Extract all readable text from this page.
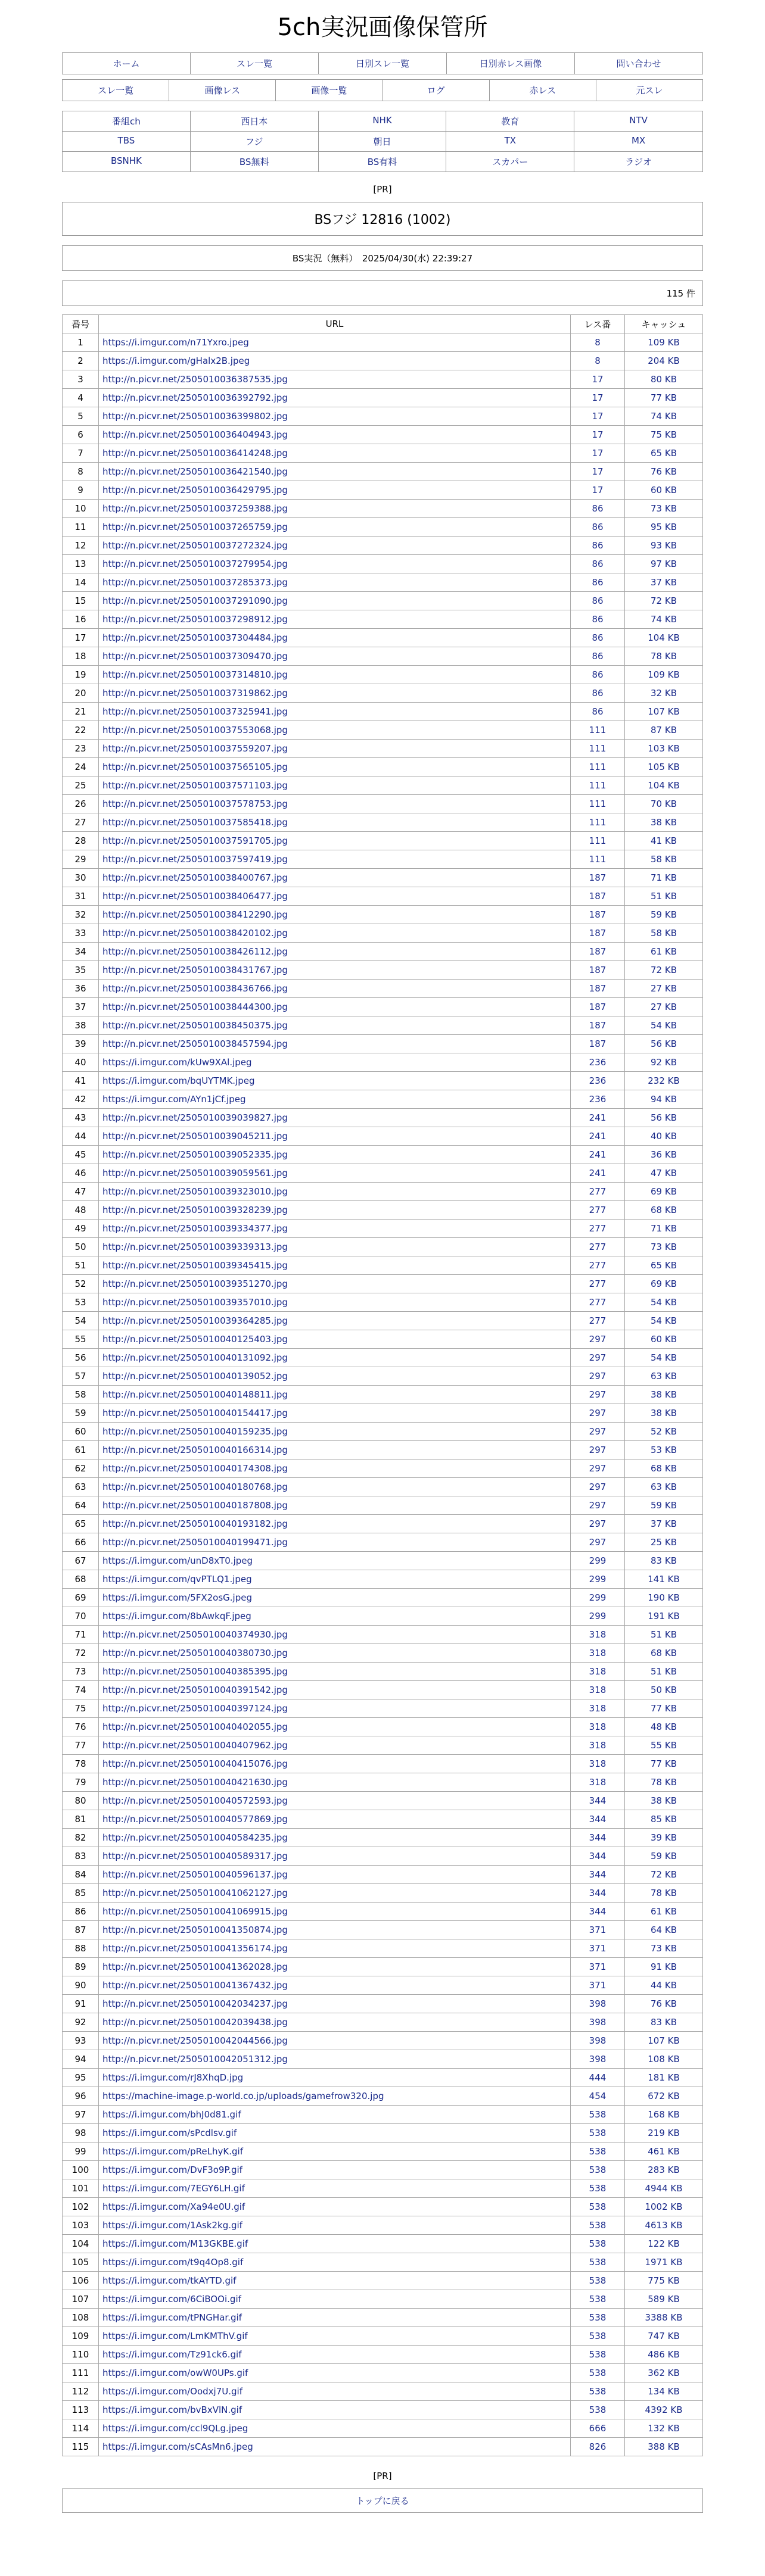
5ch実況画像保管所
ホーム	スレ一覧	日別スレ一覧	日別赤レス画像	問い合わせ
スレ一覧	画像レス	画像一覧	ログ	赤レス	元スレ
番組ch	西日本	NHK	教育	NTV
TBS	フジ	朝日	TX	MX
BSNHK	BS無料	BS有料	スカパー	ラジオ
[PR]
BSフジ 12816 (1002)
BS実況（無料）　2025/04/30(水) 22:39:27
115 件
番号	URL	レス番	キャッシュ
1	https://i.imgur.com/n71Yxro.jpeg	8	109 KB
2	https://i.imgur.com/gHalx2B.jpeg	8	204 KB
3	http://n.picvr.net/2505010036387535.jpg	17	80 KB
4	http://n.picvr.net/2505010036392792.jpg	17	77 KB
5	http://n.picvr.net/2505010036399802.jpg	17	74 KB
6	http://n.picvr.net/2505010036404943.jpg	17	75 KB
7	http://n.picvr.net/2505010036414248.jpg	17	65 KB
8	http://n.picvr.net/2505010036421540.jpg	17	76 KB
9	http://n.picvr.net/2505010036429795.jpg	17	60 KB
10	http://n.picvr.net/2505010037259388.jpg	86	73 KB
11	http://n.picvr.net/2505010037265759.jpg	86	95 KB
12	http://n.picvr.net/2505010037272324.jpg	86	93 KB
13	http://n.picvr.net/2505010037279954.jpg	86	97 KB
14	http://n.picvr.net/2505010037285373.jpg	86	37 KB
15	http://n.picvr.net/2505010037291090.jpg	86	72 KB
16	http://n.picvr.net/2505010037298912.jpg	86	74 KB
17	http://n.picvr.net/2505010037304484.jpg	86	104 KB
18	http://n.picvr.net/2505010037309470.jpg	86	78 KB
19	http://n.picvr.net/2505010037314810.jpg	86	109 KB
20	http://n.picvr.net/2505010037319862.jpg	86	32 KB
21	http://n.picvr.net/2505010037325941.jpg	86	107 KB
22	http://n.picvr.net/2505010037553068.jpg	111	87 KB
23	http://n.picvr.net/2505010037559207.jpg	111	103 KB
24	http://n.picvr.net/2505010037565105.jpg	111	105 KB
25	http://n.picvr.net/2505010037571103.jpg	111	104 KB
26	http://n.picvr.net/2505010037578753.jpg	111	70 KB
27	http://n.picvr.net/2505010037585418.jpg	111	38 KB
28	http://n.picvr.net/2505010037591705.jpg	111	41 KB
29	http://n.picvr.net/2505010037597419.jpg	111	58 KB
30	http://n.picvr.net/2505010038400767.jpg	187	71 KB
31	http://n.picvr.net/2505010038406477.jpg	187	51 KB
32	http://n.picvr.net/2505010038412290.jpg	187	59 KB
33	http://n.picvr.net/2505010038420102.jpg	187	58 KB
34	http://n.picvr.net/2505010038426112.jpg	187	61 KB
35	http://n.picvr.net/2505010038431767.jpg	187	72 KB
36	http://n.picvr.net/2505010038436766.jpg	187	27 KB
37	http://n.picvr.net/2505010038444300.jpg	187	27 KB
38	http://n.picvr.net/2505010038450375.jpg	187	54 KB
39	http://n.picvr.net/2505010038457594.jpg	187	56 KB
40	https://i.imgur.com/kUw9XAl.jpeg	236	92 KB
41	https://i.imgur.com/bqUYTMK.jpeg	236	232 KB
42	https://i.imgur.com/AYn1jCf.jpeg	236	94 KB
43	http://n.picvr.net/2505010039039827.jpg	241	56 KB
44	http://n.picvr.net/2505010039045211.jpg	241	40 KB
45	http://n.picvr.net/2505010039052335.jpg	241	36 KB
46	http://n.picvr.net/2505010039059561.jpg	241	47 KB
47	http://n.picvr.net/2505010039323010.jpg	277	69 KB
48	http://n.picvr.net/2505010039328239.jpg	277	68 KB
49	http://n.picvr.net/2505010039334377.jpg	277	71 KB
50	http://n.picvr.net/2505010039339313.jpg	277	73 KB
51	http://n.picvr.net/2505010039345415.jpg	277	65 KB
52	http://n.picvr.net/2505010039351270.jpg	277	69 KB
53	http://n.picvr.net/2505010039357010.jpg	277	54 KB
54	http://n.picvr.net/2505010039364285.jpg	277	54 KB
55	http://n.picvr.net/2505010040125403.jpg	297	60 KB
56	http://n.picvr.net/2505010040131092.jpg	297	54 KB
57	http://n.picvr.net/2505010040139052.jpg	297	63 KB
58	http://n.picvr.net/2505010040148811.jpg	297	38 KB
59	http://n.picvr.net/2505010040154417.jpg	297	38 KB
60	http://n.picvr.net/2505010040159235.jpg	297	52 KB
61	http://n.picvr.net/2505010040166314.jpg	297	53 KB
62	http://n.picvr.net/2505010040174308.jpg	297	68 KB
63	http://n.picvr.net/2505010040180768.jpg	297	63 KB
64	http://n.picvr.net/2505010040187808.jpg	297	59 KB
65	http://n.picvr.net/2505010040193182.jpg	297	37 KB
66	http://n.picvr.net/2505010040199471.jpg	297	25 KB
67	https://i.imgur.com/unD8xT0.jpeg	299	83 KB
68	https://i.imgur.com/qvPTLQ1.jpeg	299	141 KB
69	https://i.imgur.com/5FX2osG.jpeg	299	190 KB
70	https://i.imgur.com/8bAwkqF.jpeg	299	191 KB
71	http://n.picvr.net/2505010040374930.jpg	318	51 KB
72	http://n.picvr.net/2505010040380730.jpg	318	68 KB
73	http://n.picvr.net/2505010040385395.jpg	318	51 KB
74	http://n.picvr.net/2505010040391542.jpg	318	50 KB
75	http://n.picvr.net/2505010040397124.jpg	318	77 KB
76	http://n.picvr.net/2505010040402055.jpg	318	48 KB
77	http://n.picvr.net/2505010040407962.jpg	318	55 KB
78	http://n.picvr.net/2505010040415076.jpg	318	77 KB
79	http://n.picvr.net/2505010040421630.jpg	318	78 KB
80	http://n.picvr.net/2505010040572593.jpg	344	38 KB
81	http://n.picvr.net/2505010040577869.jpg	344	85 KB
82	http://n.picvr.net/2505010040584235.jpg	344	39 KB
83	http://n.picvr.net/2505010040589317.jpg	344	59 KB
84	http://n.picvr.net/2505010040596137.jpg	344	72 KB
85	http://n.picvr.net/2505010041062127.jpg	344	78 KB
86	http://n.picvr.net/2505010041069915.jpg	344	61 KB
87	http://n.picvr.net/2505010041350874.jpg	371	64 KB
88	http://n.picvr.net/2505010041356174.jpg	371	73 KB
89	http://n.picvr.net/2505010041362028.jpg	371	91 KB
90	http://n.picvr.net/2505010041367432.jpg	371	44 KB
91	http://n.picvr.net/2505010042034237.jpg	398	76 KB
92	http://n.picvr.net/2505010042039438.jpg	398	83 KB
93	http://n.picvr.net/2505010042044566.jpg	398	107 KB
94	http://n.picvr.net/2505010042051312.jpg	398	108 KB
95	https://i.imgur.com/rJ8XhqD.jpg	444	181 KB
96	https://machine-image.p-world.co.jp/uploads/gamefrow320.jpg	454	672 KB
97	https://i.imgur.com/bhJ0d81.gif	538	168 KB
98	https://i.imgur.com/sPcdlsv.gif	538	219 KB
99	https://i.imgur.com/pReLhyK.gif	538	461 KB
100	https://i.imgur.com/DvF3o9P.gif	538	283 KB
101	https://i.imgur.com/7EGY6LH.gif	538	4944 KB
102	https://i.imgur.com/Xa94e0U.gif	538	1002 KB
103	https://i.imgur.com/1Ask2kg.gif	538	4613 KB
104	https://i.imgur.com/M13GKBE.gif	538	122 KB
105	https://i.imgur.com/t9q4Op8.gif	538	1971 KB
106	https://i.imgur.com/tkAYTD.gif	538	775 KB
107	https://i.imgur.com/6CiBOOi.gif	538	589 KB
108	https://i.imgur.com/tPNGHar.gif	538	3388 KB
109	https://i.imgur.com/LmKMThV.gif	538	747 KB
110	https://i.imgur.com/Tz91ck6.gif	538	486 KB
111	https://i.imgur.com/owW0UPs.gif	538	362 KB
112	https://i.imgur.com/Oodxj7U.gif	538	134 KB
113	https://i.imgur.com/bvBxVlN.gif	538	4392 KB
114	https://i.imgur.com/ccl9QLg.jpeg	666	132 KB
115	https://i.imgur.com/sCAsMn6.jpeg	826	388 KB
[PR]
トップに戻る
